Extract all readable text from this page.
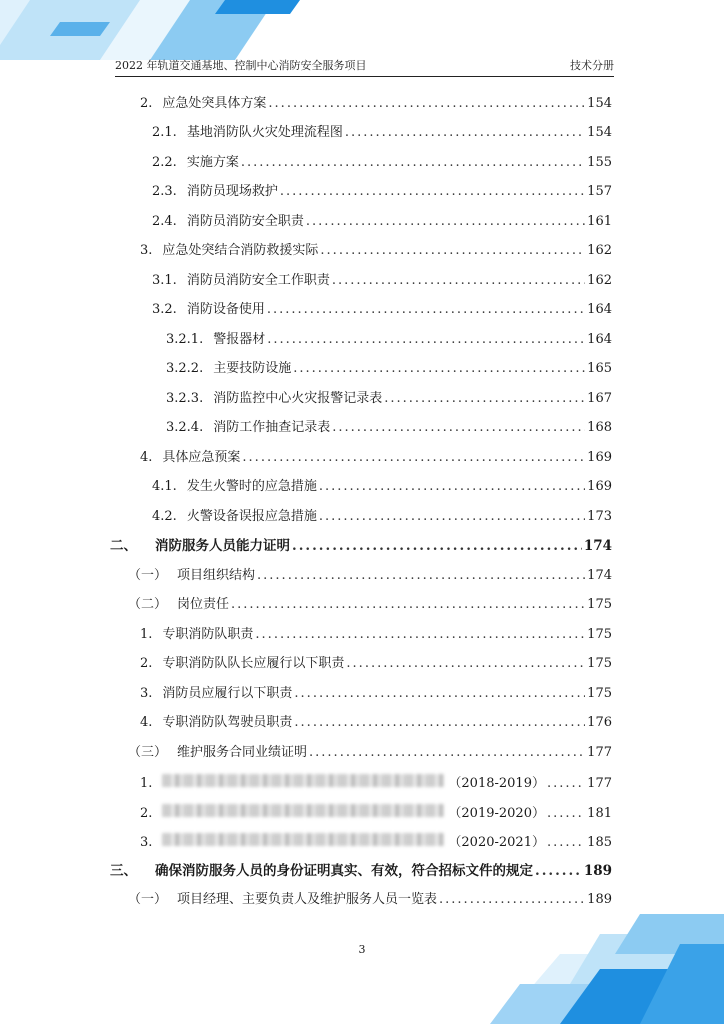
2022 年轨道交通基地、控制中心消防安全服务项目	技术分册
2. 应急处突具体方案 .....	154
2.1. 基地消防队火灾处理流程图 .....	154
2.2. 实施方案 .....	155
2.3. 消防员现场救护 .....	157
2.4. 消防员消防安全职责 .....	161
3. 应急处突结合消防救援实际 .....	162
3.1. 消防员消防安全工作职责 .....	162
3.2. 消防设备使用 .....	164
3.2.1. 警报器材 .....	164
3.2.2. 主要技防设施 .....	165
3.2.3. 消防监控中心火灾报警记录表 .....	167
3.2.4. 消防工作抽查记录表 .....	168
4. 具体应急预案 .....	169
4.1. 发生火警时的应急措施 .....	169
4.2. 火警设备误报应急措施 .....	173
二、 消防服务人员能力证明 .....	174
（一） 项目组织结构 .....	174
（二） 岗位责任 .....	175
1. 专职消防队职责 .....	175
2. 专职消防队队长应履行以下职责 .....	175
3. 消防员应履行以下职责 .....	175
4. 专职消防队驾驶员职责 .....	176
（三） 维护服务合同业绩证明 .....	177
1.	（2018-2019） .....	177
2.	（2019-2020） .....	181
3.	（2020-2021） .....	185
三、 确保消防服务人员的身份证明真实、有效，符合招标文件的规定 .....	189
（一） 项目经理、主要负责人及维护服务人员一览表 .....	189
3
